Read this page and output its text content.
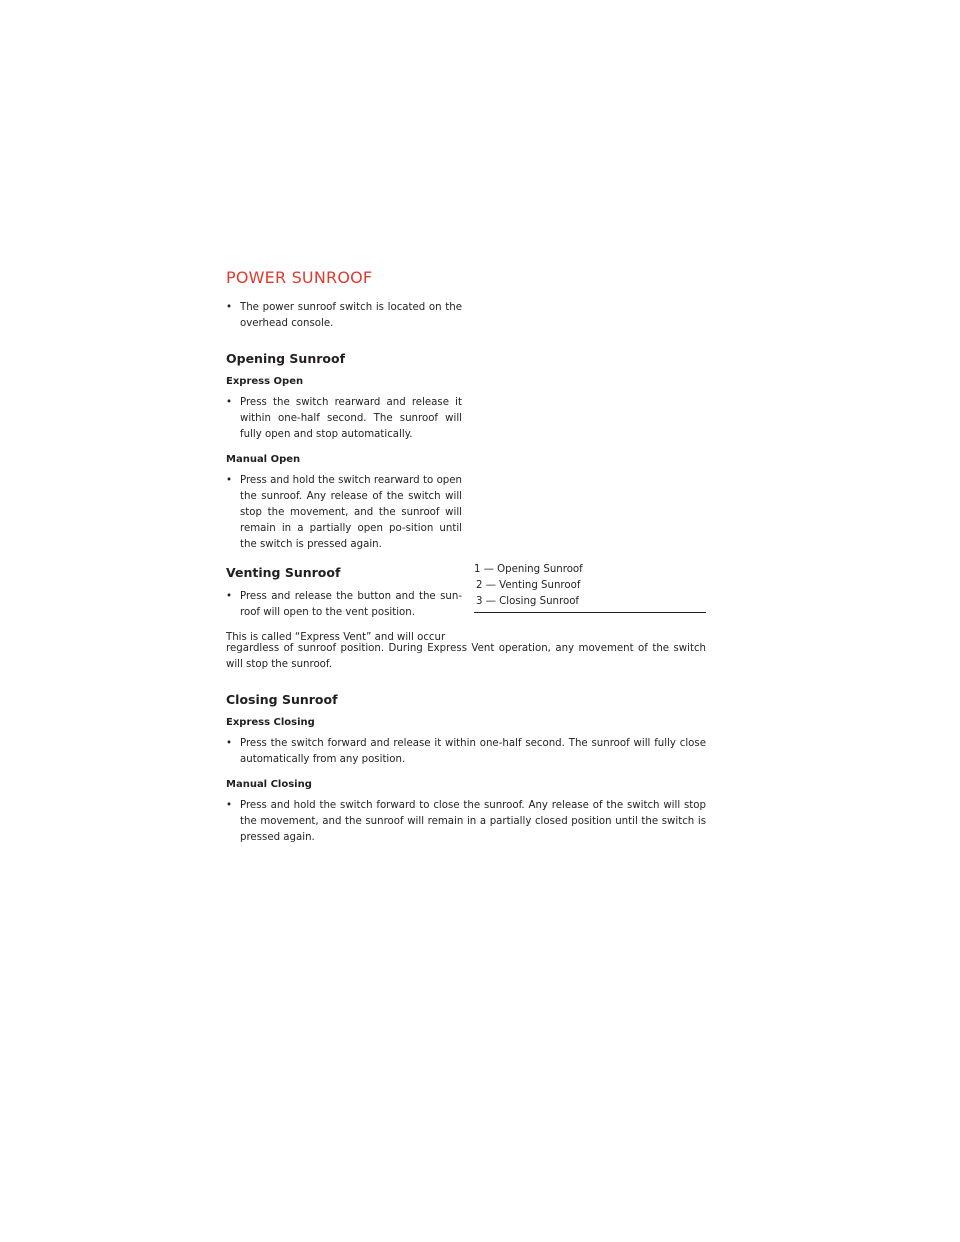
POWER SUNROOF

• The power sunroof switch is located on the overhead console.

Opening Sunroof
Express Open

• Press the switch rearward and release it within one-half second. The sunroof will fully open and stop automatically.

Manual Open

• Press and hold the switch rearward to open the sunroof. Any release of the switch will stop the movement, and the sunroof will remain in a partially open po-sition until the switch is pressed again.

Venting Sunroof

• Press and release the button and the sun-roof will open to the vent position.

This is called “Express Vent” and will occur

1 — Opening Sunroof

2 — Venting Sunroof

3 — Closing Sunroof

regardless of sunroof position. During Express Vent operation, any movement of the switch will stop the sunroof.

Closing Sunroof
Express Closing

• Press the switch forward and release it within one-half second. The sunroof will fully close automatically from any position.

Manual Closing

• Press and hold the switch forward to close the sunroof. Any release of the switch will stop the movement, and the sunroof will remain in a partially closed position until the switch is pressed again.
